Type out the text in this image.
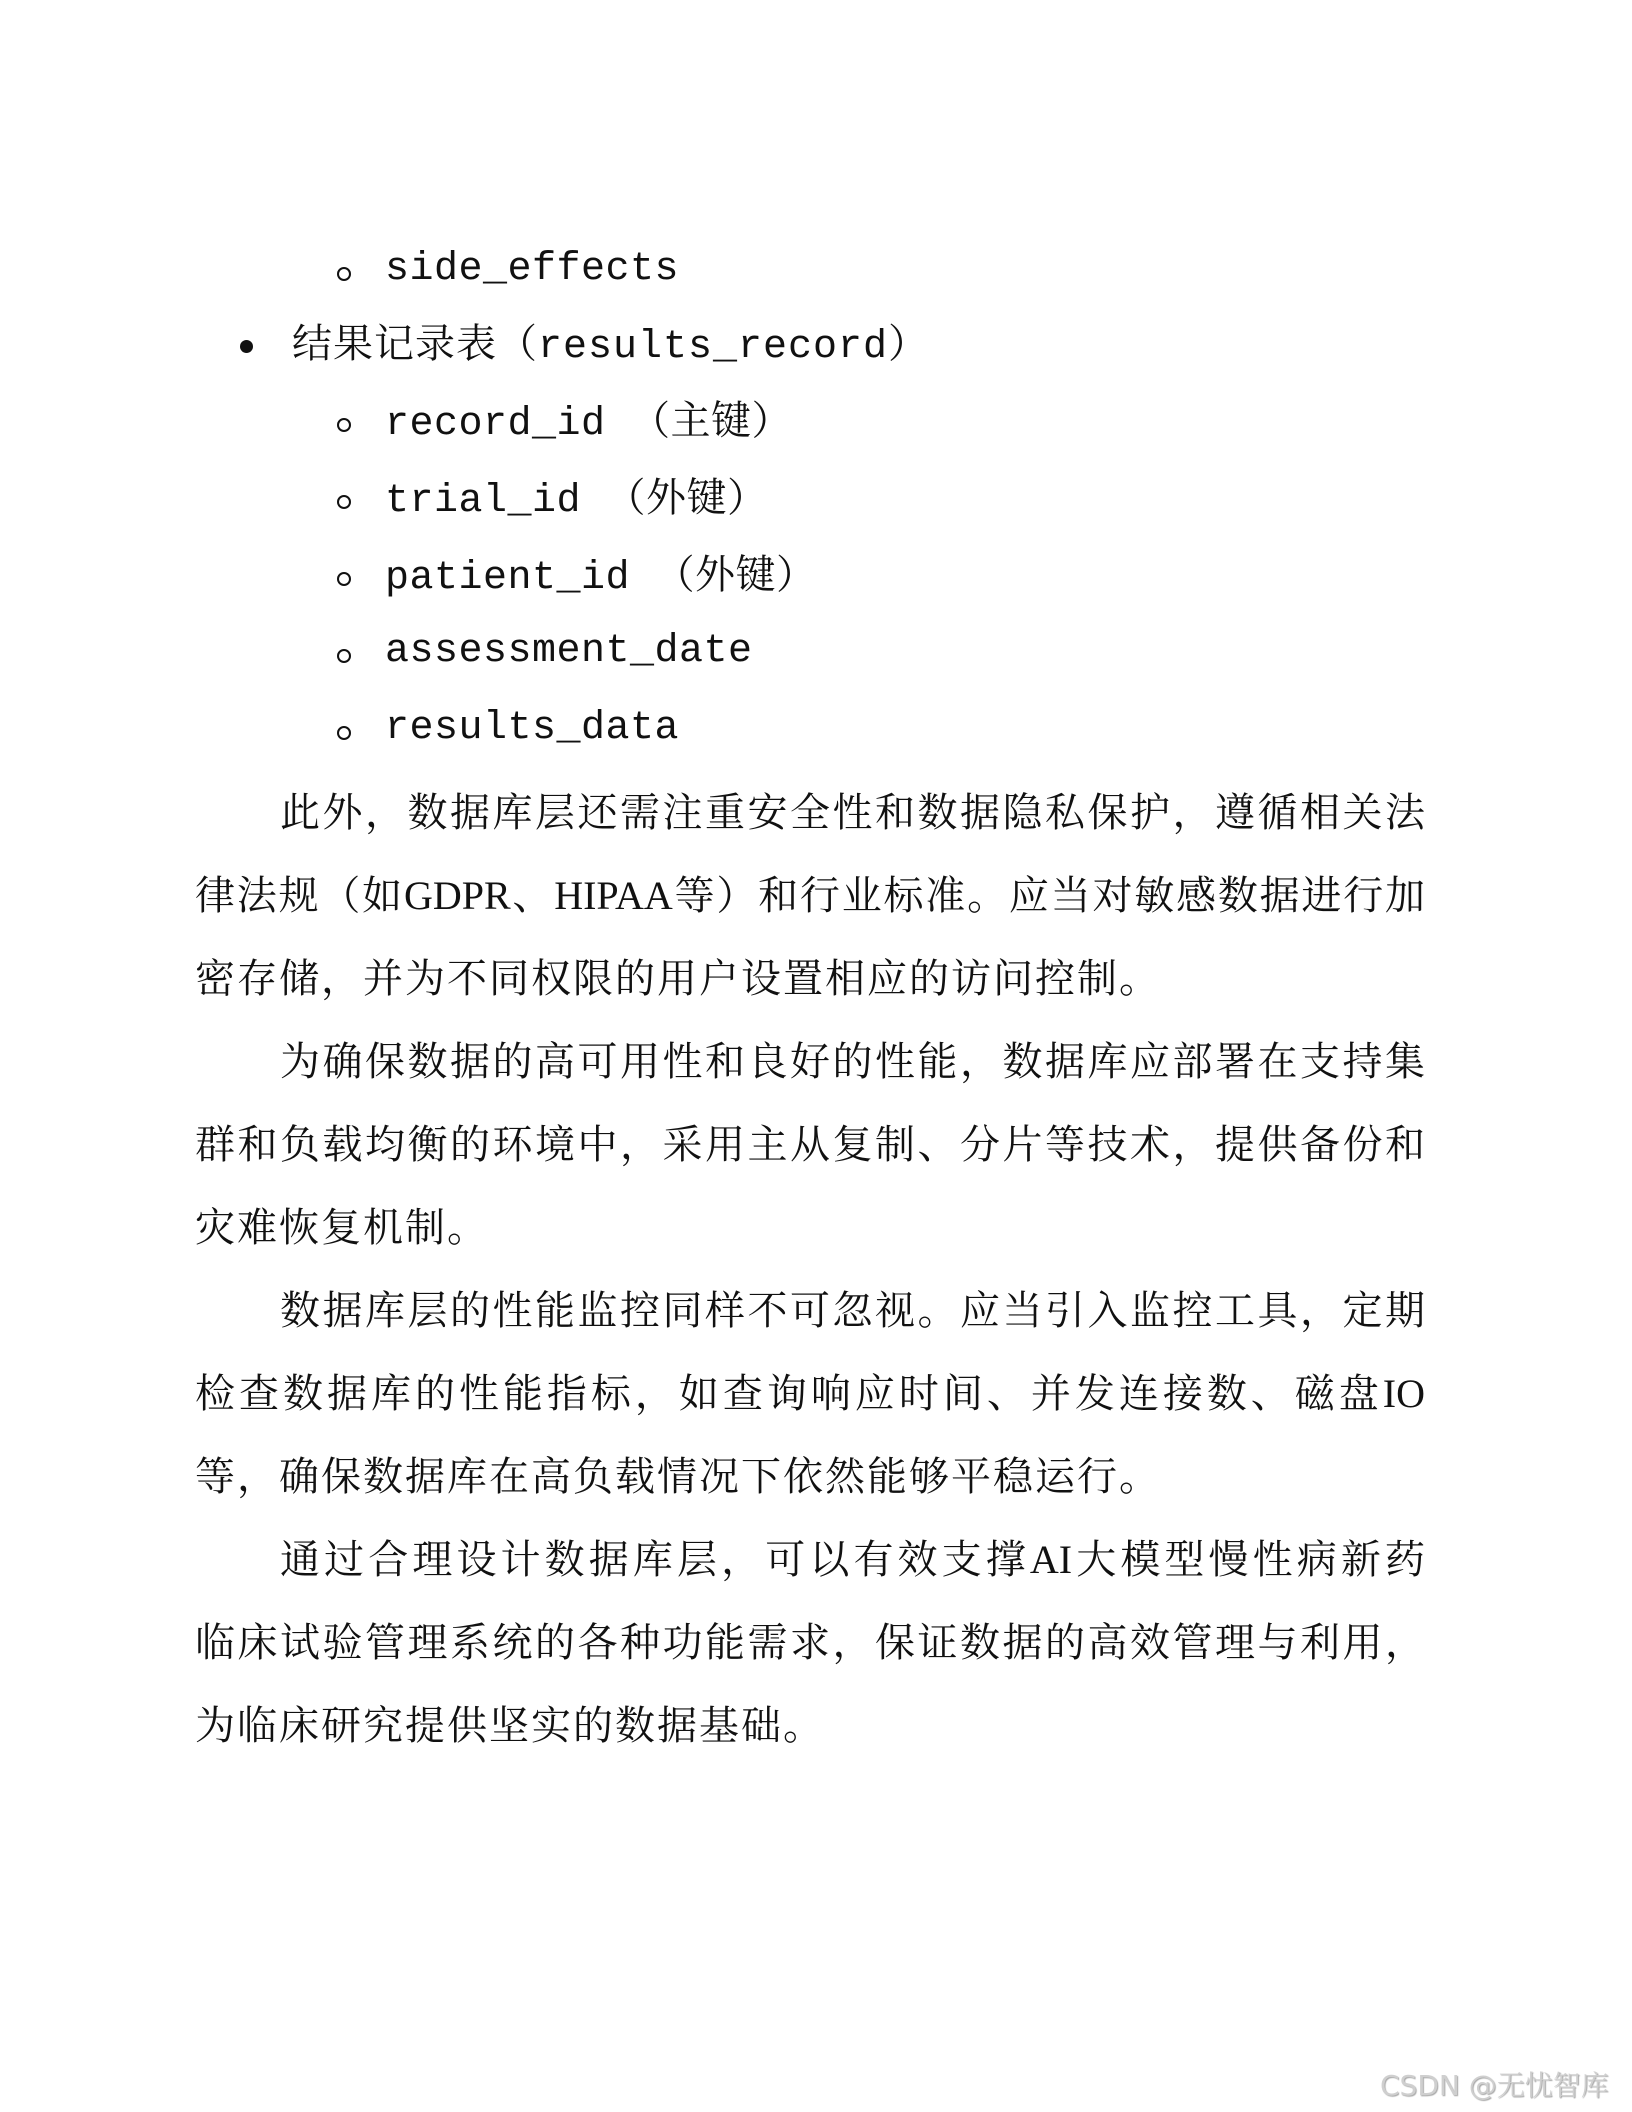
side_effects
结果记录表（results_record）
record_id （主键）
trial_id （外键）
patient_id （外键）
assessment_date
results_data
此外，数据库层还需注重安全性和数据隐私保护，遵循相关法
律法规（如GDPR、HIPAA等）和行业标准。应当对敏感数据进行加
密存储，并为不同权限的用户设置相应的访问控制。
为确保数据的高可用性和良好的性能，数据库应部署在支持集
群和负载均衡的环境中，采用主从复制、分片等技术，提供备份和
灾难恢复机制。
数据库层的性能监控同样不可忽视。应当引入监控工具，定期
检查数据库的性能指标，如查询响应时间、并发连接数、磁盘IO
等，确保数据库在高负载情况下依然能够平稳运行。
通过合理设计数据库层，可以有效支撑AI大模型慢性病新药
临床试验管理系统的各种功能需求，保证数据的高效管理与利用，
为临床研究提供坚实的数据基础。
CSDN @无忧智库
